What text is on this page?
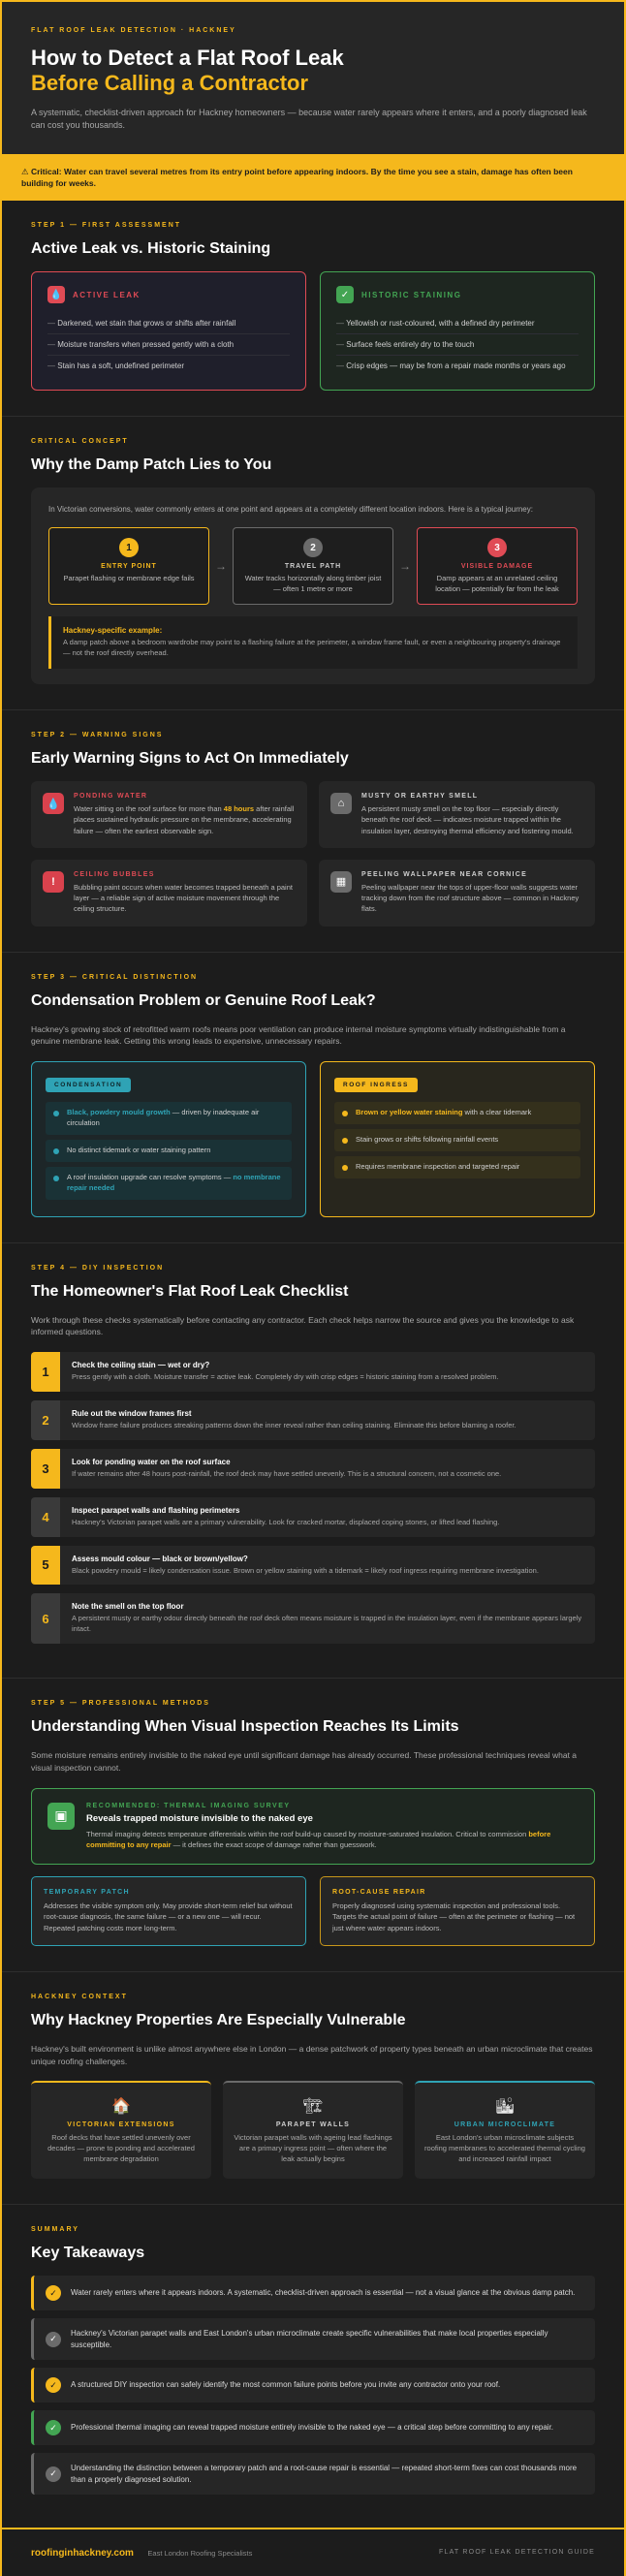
FLAT ROOF LEAK DETECTION · HACKNEY
How to Detect a Flat Roof Leak
Before Calling a Contractor

A systematic, checklist-driven approach for Hackney homeowners — because water rarely appears where it enters, and a poorly diagnosed leak can cost you thousands.

⚠ Critical: Water can travel several metres from its entry point before appearing indoors. By the time you see a stain, damage has often been building for weeks.
STEP 1 — FIRST ASSESSMENT
Active Leak vs. Historic Staining
💧	ACTIVE LEAK
— Darkened, wet stain that grows or shifts after rainfall
— Moisture transfers when pressed gently with a cloth
— Stain has a soft, undefined perimeter
✓	HISTORIC STAINING
— Yellowish or rust-coloured, with a defined dry perimeter
— Surface feels entirely dry to the touch
— Crisp edges — may be from a repair made months or years ago
CRITICAL CONCEPT
Why the Damp Patch Lies to You
In Victorian conversions, water commonly enters at one point and appears at a completely different location indoors. Here is a typical journey:
1
ENTRY POINT
Parapet flashing or membrane edge fails
→
2
TRAVEL PATH
Water tracks horizontally along timber joist — often 1 metre or more
→
3
VISIBLE DAMAGE
Damp appears at an unrelated ceiling location — potentially far from the leak
Hackney-specific example:
A damp patch above a bedroom wardrobe may point to a flashing failure at the perimeter, a window frame fault, or even a neighbouring property's drainage — not the roof directly overhead.
STEP 2 — WARNING SIGNS
Early Warning Signs to Act On Immediately
💧
PONDING WATER
Water sitting on the roof surface for more than 48 hours after rainfall places sustained hydraulic pressure on the membrane, accelerating failure — often the earliest observable sign.
⌂
MUSTY OR EARTHY SMELL
A persistent musty smell on the top floor — especially directly beneath the roof deck — indicates moisture trapped within the insulation layer, destroying thermal efficiency and fostering mould.
!
CEILING BUBBLES
Bubbling paint occurs when water becomes trapped beneath a paint layer — a reliable sign of active moisture movement through the ceiling structure.
▦
PEELING WALLPAPER NEAR CORNICE
Peeling wallpaper near the tops of upper-floor walls suggests water tracking down from the roof structure above — common in Hackney flats.
STEP 3 — CRITICAL DISTINCTION
Condensation Problem or Genuine Roof Leak?
Hackney's growing stock of retrofitted warm roofs means poor ventilation can produce internal moisture symptoms virtually indistinguishable from a genuine membrane leak. Getting this wrong leads to expensive, unnecessary repairs.
CONDENSATION
Black, powdery mould growth — driven by inadequate air circulation
No distinct tidemark or water staining pattern
A roof insulation upgrade can resolve symptoms — no membrane repair needed
ROOF INGRESS
Brown or yellow water staining with a clear tidemark
Stain grows or shifts following rainfall events
Requires membrane inspection and targeted repair
STEP 4 — DIY INSPECTION
The Homeowner's Flat Roof Leak Checklist
Work through these checks systematically before contacting any contractor. Each check helps narrow the source and gives you the knowledge to ask informed questions.
1	Check the ceiling stain — wet or dry?
Press gently with a cloth. Moisture transfer = active leak. Completely dry with crisp edges = historic staining from a resolved problem.
2	Rule out the window frames first
Window frame failure produces streaking patterns down the inner reveal rather than ceiling staining. Eliminate this before blaming a roofer.
3	Look for ponding water on the roof surface
If water remains after 48 hours post-rainfall, the roof deck may have settled unevenly. This is a structural concern, not a cosmetic one.
4	Inspect parapet walls and flashing perimeters
Hackney's Victorian parapet walls are a primary vulnerability. Look for cracked mortar, displaced coping stones, or lifted lead flashing.
5	Assess mould colour — black or brown/yellow?
Black powdery mould = likely condensation issue. Brown or yellow staining with a tidemark = likely roof ingress requiring membrane investigation.
6
Note the smell on the top floor
A persistent musty or earthy odour directly beneath the roof deck often means moisture is trapped in the insulation layer, even if the membrane appears largely intact.
STEP 5 — PROFESSIONAL METHODS
Understanding When Visual Inspection Reaches Its Limits
Some moisture remains entirely invisible to the naked eye until significant damage has already occurred. These professional techniques reveal what a visual inspection cannot.
▣
RECOMMENDED: THERMAL IMAGING SURVEY
Reveals trapped moisture invisible to the naked eye
Thermal imaging detects temperature differentials within the roof build-up caused by moisture-saturated insulation. Critical to commission before committing to any repair — it defines the exact scope of damage rather than guesswork.
TEMPORARY PATCH
Addresses the visible symptom only. May provide short-term relief but without root-cause diagnosis, the same failure — or a new one — will recur. Repeated patching costs more long-term.
ROOT-CAUSE REPAIR
Properly diagnosed using systematic inspection and professional tools. Targets the actual point of failure — often at the perimeter or flashing — not just where water appears indoors.
HACKNEY CONTEXT
Why Hackney Properties Are Especially Vulnerable
Hackney's built environment is unlike almost anywhere else in London — a dense patchwork of property types beneath an urban microclimate that creates unique roofing challenges.
🏠
VICTORIAN EXTENSIONS
Roof decks that have settled unevenly over decades — prone to ponding and accelerated membrane degradation
🏗
PARAPET WALLS
Victorian parapet walls with ageing lead flashings are a primary ingress point — often where the leak actually begins
🏙
URBAN MICROCLIMATE
East London's urban microclimate subjects roofing membranes to accelerated thermal cycling and increased rainfall impact
SUMMARY
Key Takeaways
✓	Water rarely enters where it appears indoors. A systematic, checklist-driven approach is essential — not a visual glance at the obvious damp patch.
✓
Hackney's Victorian parapet walls and East London's urban microclimate create specific vulnerabilities that make local properties especially susceptible.
✓	A structured DIY inspection can safely identify the most common failure points before you invite any contractor onto your roof.
✓	Professional thermal imaging can reveal trapped moisture entirely invisible to the naked eye — a critical step before committing to any repair.
✓
Understanding the distinction between a temporary patch and a root-cause repair is essential — repeated short-term fixes can cost thousands more than a properly diagnosed solution.
roofinginhackney.com East London Roofing Specialists	FLAT ROOF LEAK DETECTION GUIDE
